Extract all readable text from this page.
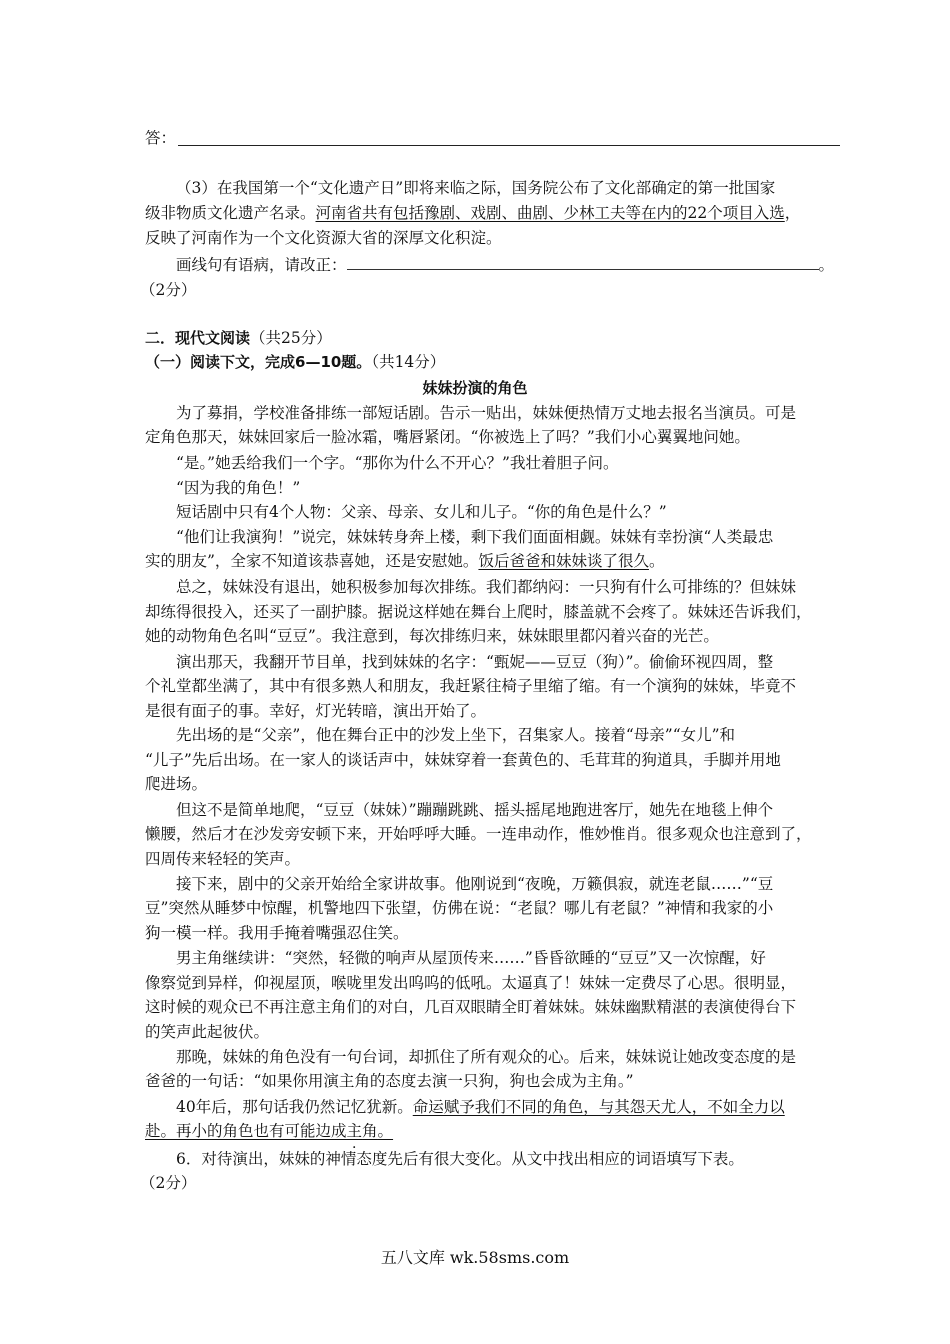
答：
（3）在我国第一个“文化遗产日”即将来临之际，国务院公布了文化部确定的第一批国家
级非物质文化遗产名录。河南省共有包括豫剧、戏剧、曲剧、少林工夫等在内的22个项目入选，
反映了河南作为一个文化资源大省的深厚文化积淀。
画线句有语病，请改正：	。
（2分）
二．现代文阅读（共25分）
（一）阅读下文，完成6—10题。（共14分）
妹妹扮演的角色
为了募捐，学校准备排练一部短话剧。告示一贴出，妹妹便热情万丈地去报名当演员。可是
定角色那天，妹妹回家后一脸冰霜，嘴唇紧闭。“你被选上了吗？”我们小心翼翼地问她。
“是。”她丢给我们一个字。“那你为什么不开心？”我壮着胆子问。
“因为我的角色！”
短话剧中只有4个人物：父亲、母亲、女儿和儿子。“你的角色是什么？”
“他们让我演狗！”说完，妹妹转身奔上楼，剩下我们面面相觑。妹妹有幸扮演“人类最忠
实的朋友”，全家不知道该恭喜她，还是安慰她。饭后爸爸和妹妹谈了很久。
总之，妹妹没有退出，她积极参加每次排练。我们都纳闷：一只狗有什么可排练的？但妹妹
却练得很投入，还买了一副护膝。据说这样她在舞台上爬时，膝盖就不会疼了。妹妹还告诉我们，
她的动物角色名叫“豆豆”。我注意到，每次排练归来，妹妹眼里都闪着兴奋的光芒。
演出那天，我翻开节目单，找到妹妹的名字：“甄妮——豆豆（狗）”。偷偷环视四周，整
个礼堂都坐满了，其中有很多熟人和朋友，我赶紧往椅子里缩了缩。有一个演狗的妹妹，毕竟不
是很有面子的事。幸好，灯光转暗，演出开始了。
先出场的是“父亲”，他在舞台正中的沙发上坐下，召集家人。接着“母亲”“女儿”和
“儿子”先后出场。在一家人的谈话声中，妹妹穿着一套黄色的、毛茸茸的狗道具，手脚并用地
爬进场。
但这不是简单地爬，“豆豆（妹妹）”蹦蹦跳跳、摇头摇尾地跑进客厅，她先在地毯上伸个
懒腰，然后才在沙发旁安顿下来，开始呼呼大睡。一连串动作，惟妙惟肖。很多观众也注意到了，
四周传来轻轻的笑声。
接下来，剧中的父亲开始给全家讲故事。他刚说到“夜晚，万籁俱寂，就连老鼠……”“豆
豆”突然从睡梦中惊醒，机警地四下张望，仿佛在说：“老鼠？哪儿有老鼠？”神情和我家的小
狗一模一样。我用手掩着嘴强忍住笑。
男主角继续讲：“突然，轻微的响声从屋顶传来……”昏昏欲睡的“豆豆”又一次惊醒，好
像察觉到异样，仰视屋顶，喉咙里发出呜呜的低吼。太逼真了！妹妹一定费尽了心思。很明显，
这时候的观众已不再注意主角们的对白，几百双眼睛全盯着妹妹。妹妹幽默精湛的表演使得台下
的笑声此起彼伏。
那晚，妹妹的角色没有一句台词，却抓住了所有观众的心。后来，妹妹说让她改变态度的是
爸爸的一句话：“如果你用演主角的态度去演一只狗，狗也会成为主角。”
40年后，那句话我仍然记忆犹新。命运赋予我们不同的角色，与其怨天尤人，不如全力以
赴。再小的角色也有可能边成主角。
6．对待演出，妹妹的神情态度先后有很大变化。从文中找出相应的词语填写下表。
（2分）
五八文库 wk.58sms.com
